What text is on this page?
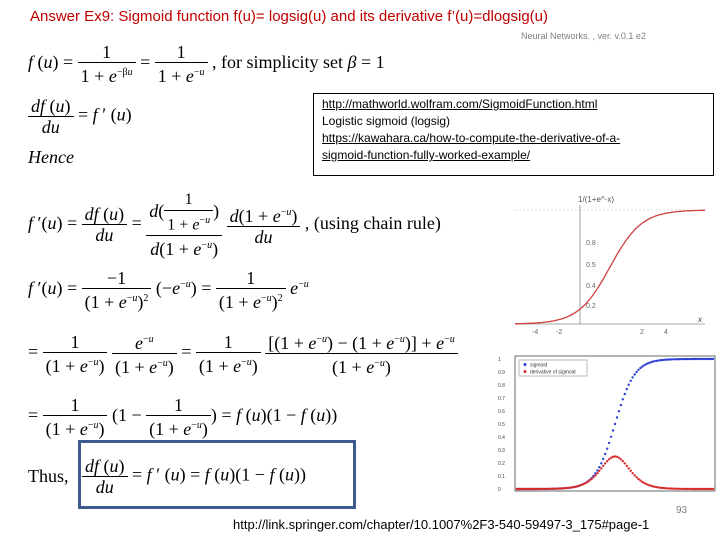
Answer Ex9: Sigmoid function f(u)= logsig(u) and its derivative f’(u)=dlogsig(u)
Neural Networks. , ver. v.0.1 e2
f $(u) = \frac{1}{1 + e^{-\beta u}} = \frac{1}{1 + e^{-u}}$ , for simplicity set β = 1
$\frac{df (u)}{du} = f$ ′ (u)
Hence
http://mathworld.wolfram.com/SigmoidFunction.html
Logistic sigmoid (logsig)
https://kawahara.ca/how-to-compute-the-derivative-of-a-
sigmoid-function-fully-worked-example/
f $'(u) = \frac{df (u)}{du} = \frac{d( \frac{1}{1 + e^{-u}} )}{d(1 + e^{-u})}$
$\frac{d(1 + e^{-u})}{du}$ , (using chain rule)
f $'(u) = \frac{-1}{(1 + e^{-u})^2} (-e^{-u}) = \frac{1}{(1 + e^{-u})^2} e^{-u}$
= $\frac{1}{(1 + e^{-u})}$
$\frac{e^{-u}}{(1 + e^{-u})} = \frac{1}{(1 + e^{-u})}$
$\frac{[(1 + e^{-u}) - (1 + e^{-u})] + e^{-u}}{(1 + e^{-u})}$
= $\frac{1}{(1 + e^{-u})} (1 - \frac{1}{(1 + e^{-u})}$ ) = f (u)(1 − f (u))
Thus, $\frac{df (u)}{du} = f$ ′ (u) = f (u)(1 − f (u))
1/(1+e^-x)
0.8
0.5
0.4
0.2
-4	-2	2	4
x
1
0.9
0.8
0.7
0.6
0.5
0.4
0.3
0.2
0.1
0
sigmoid
derivative of sigmoid
http://link.springer.com/chapter/10.1007%2F3-540-59497-3_175#page-1
93
